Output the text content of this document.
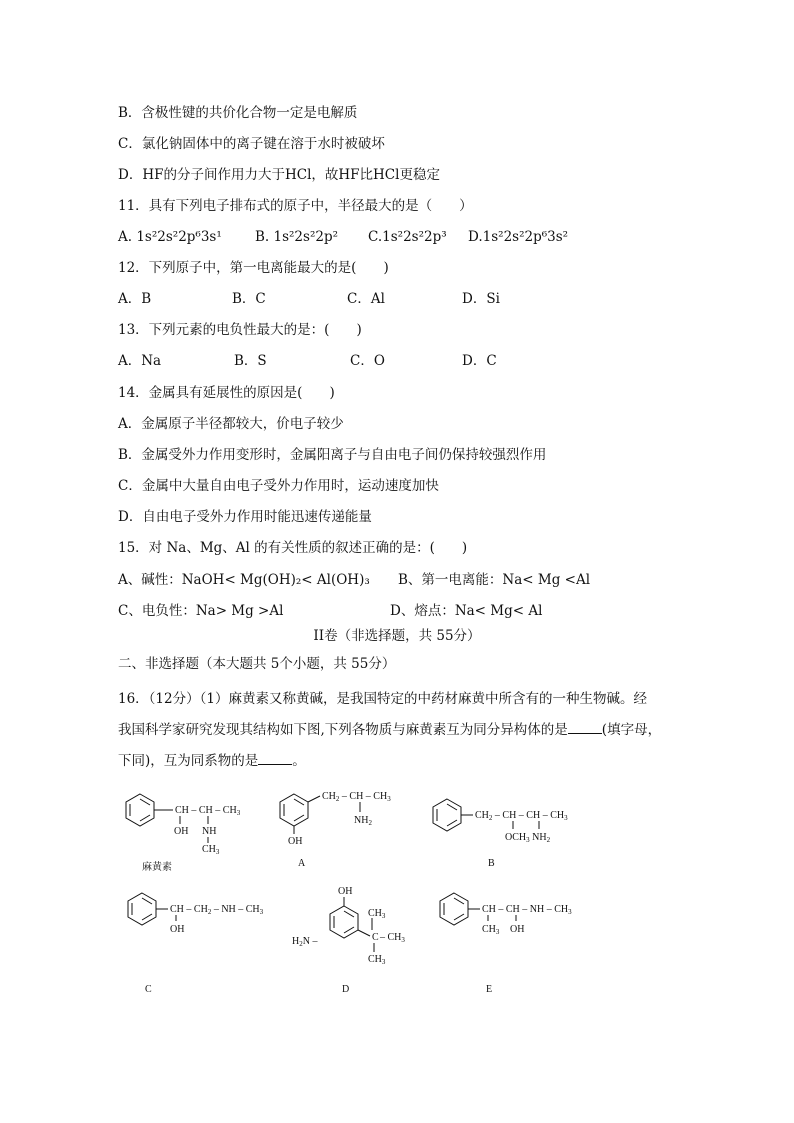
B．含极性键的共价化合物一定是电解质
C．氯化钠固体中的离子键在溶于水时被破坏
D．HF的分子间作用力大于HCl，故HF比HCl更稳定
11．具有下列电子排布式的原子中，半径最大的是（　　）
A. 1s²2s²2p⁶3s¹ B. 1s²2s²2p² C.1s²2s²2p³ D.1s²2s²2p⁶3s²
12．下列原子中，第一电离能最大的是(　　)
A．B	B．C	C．Al	D．Si
13．下列元素的电负性最大的是：(　　)
A．Na	B．S	C．O	D．C
14．金属具有延展性的原因是(　　)
A．金属原子半径都较大，价电子较少
B．金属受外力作用变形时，金属阳离子与自由电子间仍保持较强烈作用
C．金属中大量自由电子受外力作用时，运动速度加快
D．自由电子受外力作用时能迅速传递能量
15．对 Na、Mg、Al 的有关性质的叙述正确的是：(　　)
A、碱性：NaOH< Mg(OH)₂< Al(OH)₃ B、第一电离能：Na< Mg <Al
C、电负性：Na> Mg >Al	D、熔点：Na< Mg< Al
II卷（非选择题，共 55分）
二、非选择题（本大题共 5个小题，共 55分）
16．（12分）（1）麻黄素又称黄碱，是我国特定的中药材麻黄中所含有的一种生物碱。经
我国科学家研究发现其结构如下图,下列各物质与麻黄素互为同分异构体的是	(填字母，
下同)，互为同系物的是	。
CH – CH – $CH_3$
OH NH
$CH_3$
麻黄素
$CH_2$ – CH – $CH_3$
$NH_2$
OH
A
$CH_2$ – CH – CH – $CH_3$
$OCH_3$ $NH_2$
B
CH – $CH_2$ – NH – $CH_3$
OH
C
OH
$H_2N$ –	C
$CH_3$
– $CH_3$
$CH_3$
D
CH – CH – NH – $CH_3$
$CH_3$ OH
E
